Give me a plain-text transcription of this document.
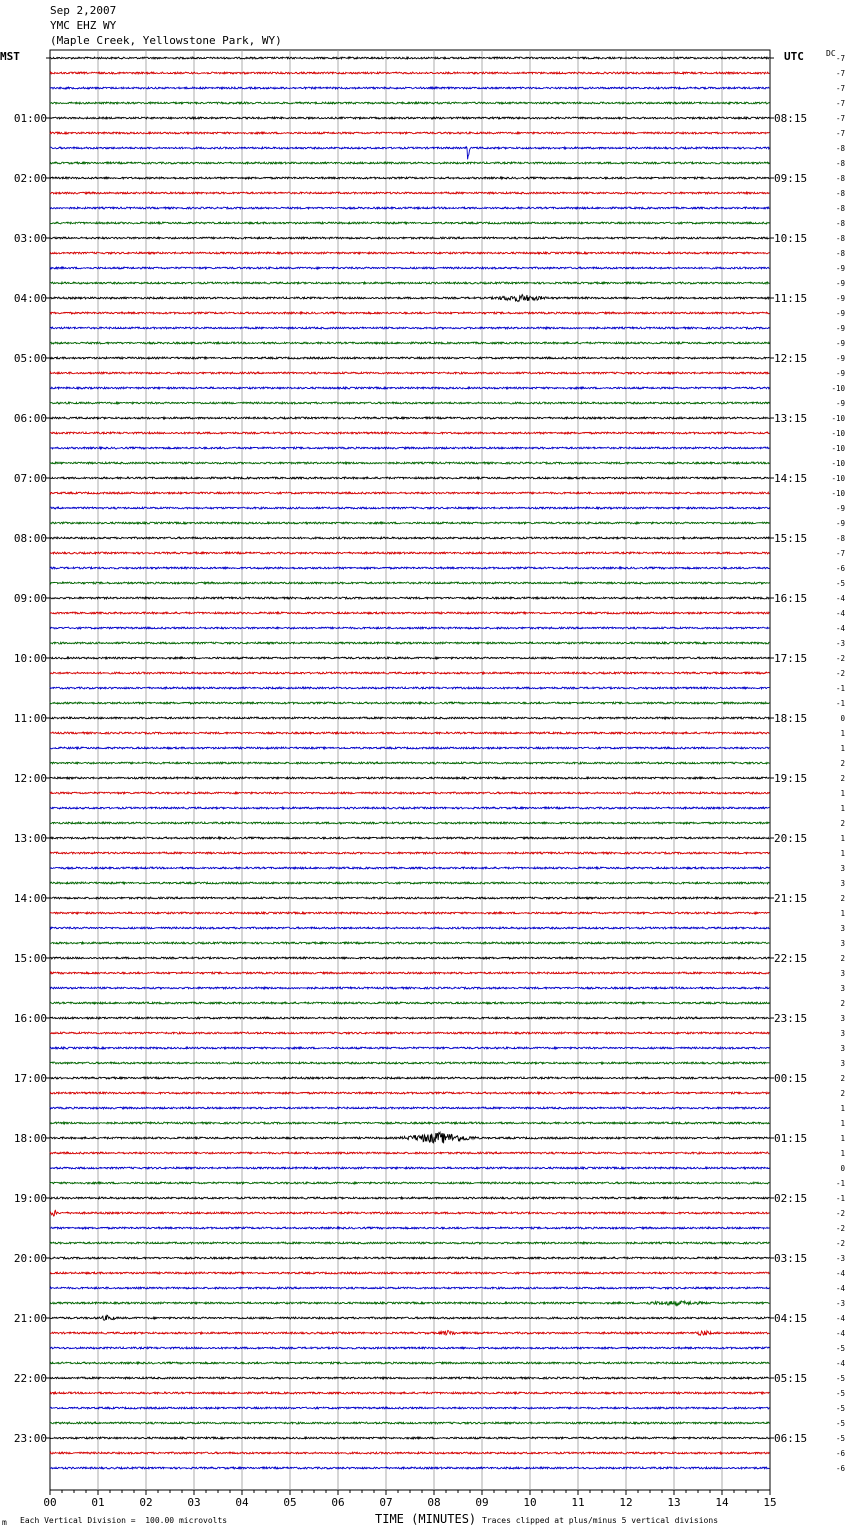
Sep 2,2007
YMC EHZ WY
(Maple Creek, Yellowstone Park, WY)
MST	UTC	DC
-7
-7
-7
-7
-7
-7
-8
-8
-8
-8
-8
-8
-8
-8
-9
-9
-9
-9
-9
-9
-9
-9
-10
-9
-10
-10
-10
-10
-10
-10
-9
-9
-8
-7
-6
-5
-4
-4
-4
-3
-2
-2
-1
-1
0
1
1
2
2
1
1
2
1
1
3
3
2
1
3
3
2
3
3
2
3
3
3
3
2
2
1
1
1
1
0
-1
-1
-2
-2
-2
-3
-4
-4
-3
-4
-4
-5
-4
-5
-5
-5
-5
-5
-6
-6
01:00
02:00
03:00
04:00
05:00
06:00
07:00
08:00
09:00
10:00
11:00
12:00
13:00
14:00
15:00
16:00
17:00
18:00
19:00
20:00
21:00
22:00
23:00
08:15
09:15
10:15
11:15
12:15
13:15
14:15
15:15
16:15
17:15
18:15
19:15
20:15
21:15
22:15
23:15
00:15
01:15
02:15
03:15
04:15
05:15
06:15
00	01	02	03	04	05	06	07	08	09	10	11	12	13	14	15
m Each Vertical Division =  100.00 microvolts	TIME (MINUTES) Traces clipped at plus/minus 5 vertical divisions
